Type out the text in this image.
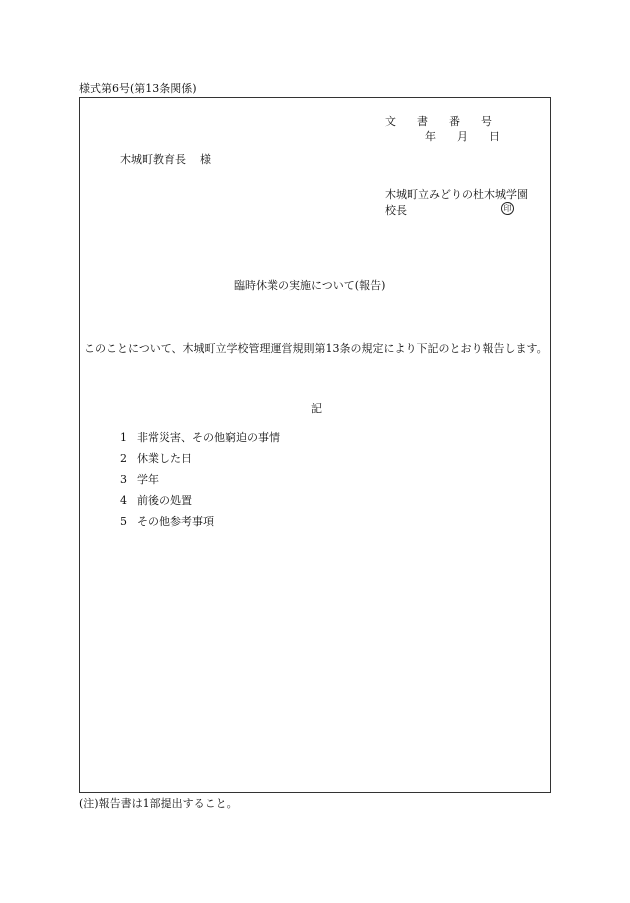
様式第6号(第13条関係)
文 書 番 号
年 月 日
木城町教育長 様
木城町立みどりの杜木城学園
校長	印
臨時休業の実施について(報告)
このことについて、木城町立学校管理運営規則第13条の規定により下記のとおり報告します。
記
1 非常災害、その他窮迫の事情
2 休業した日
3 学年
4 前後の処置
5 その他参考事項
(注)報告書は1部提出すること。
